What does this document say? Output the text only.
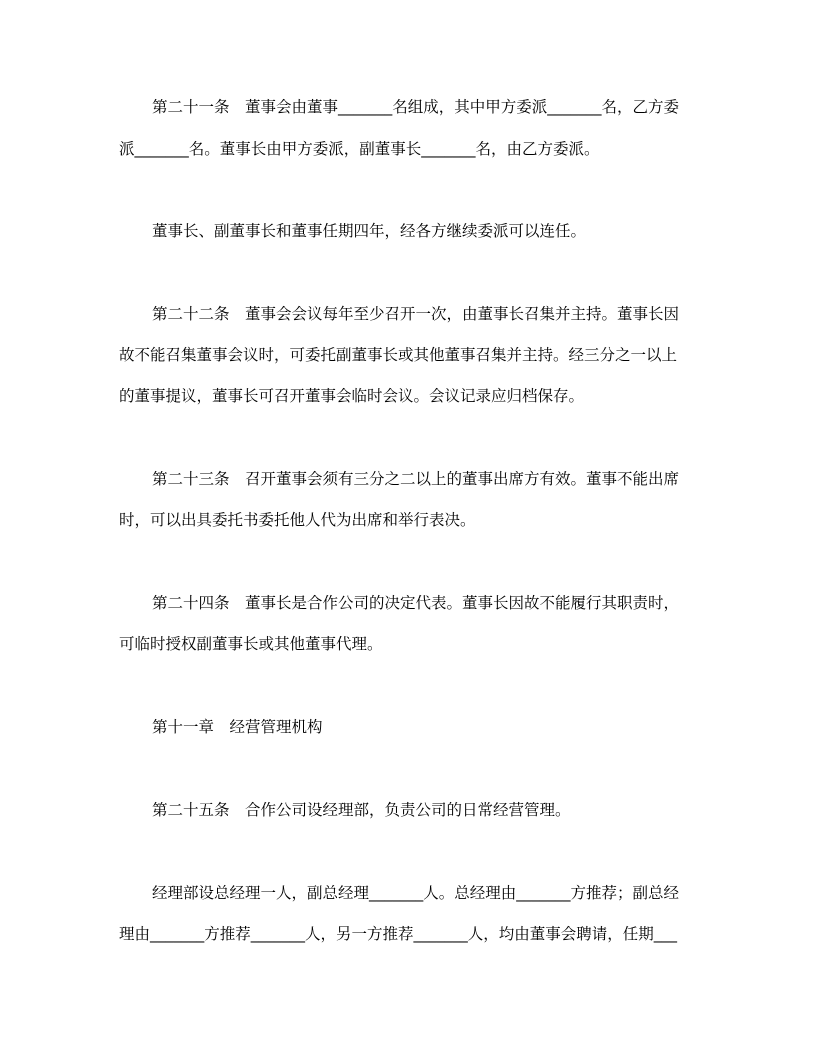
第二十一条　董事会由董事_______名组成，其中甲方委派_______名，乙方委
派_______名。董事长由甲方委派，副董事长_______名，由乙方委派。
董事长、副董事长和董事任期四年，经各方继续委派可以连任。
第二十二条　董事会会议每年至少召开一次，由董事长召集并主持。董事长因
故不能召集董事会议时，可委托副董事长或其他董事召集并主持。经三分之一以上
的董事提议，董事长可召开董事会临时会议。会议记录应归档保存。
第二十三条　召开董事会须有三分之二以上的董事出席方有效。董事不能出席
时，可以出具委托书委托他人代为出席和举行表决。
第二十四条　董事长是合作公司的决定代表。董事长因故不能履行其职责时，
可临时授权副董事长或其他董事代理。
第十一章　经营管理机构
第二十五条　合作公司设经理部，负责公司的日常经营管理。
经理部设总经理一人，副总经理_______人。总经理由_______方推荐；副总经
理由_______方推荐_______人，另一方推荐_______人，均由董事会聘请，任期___
